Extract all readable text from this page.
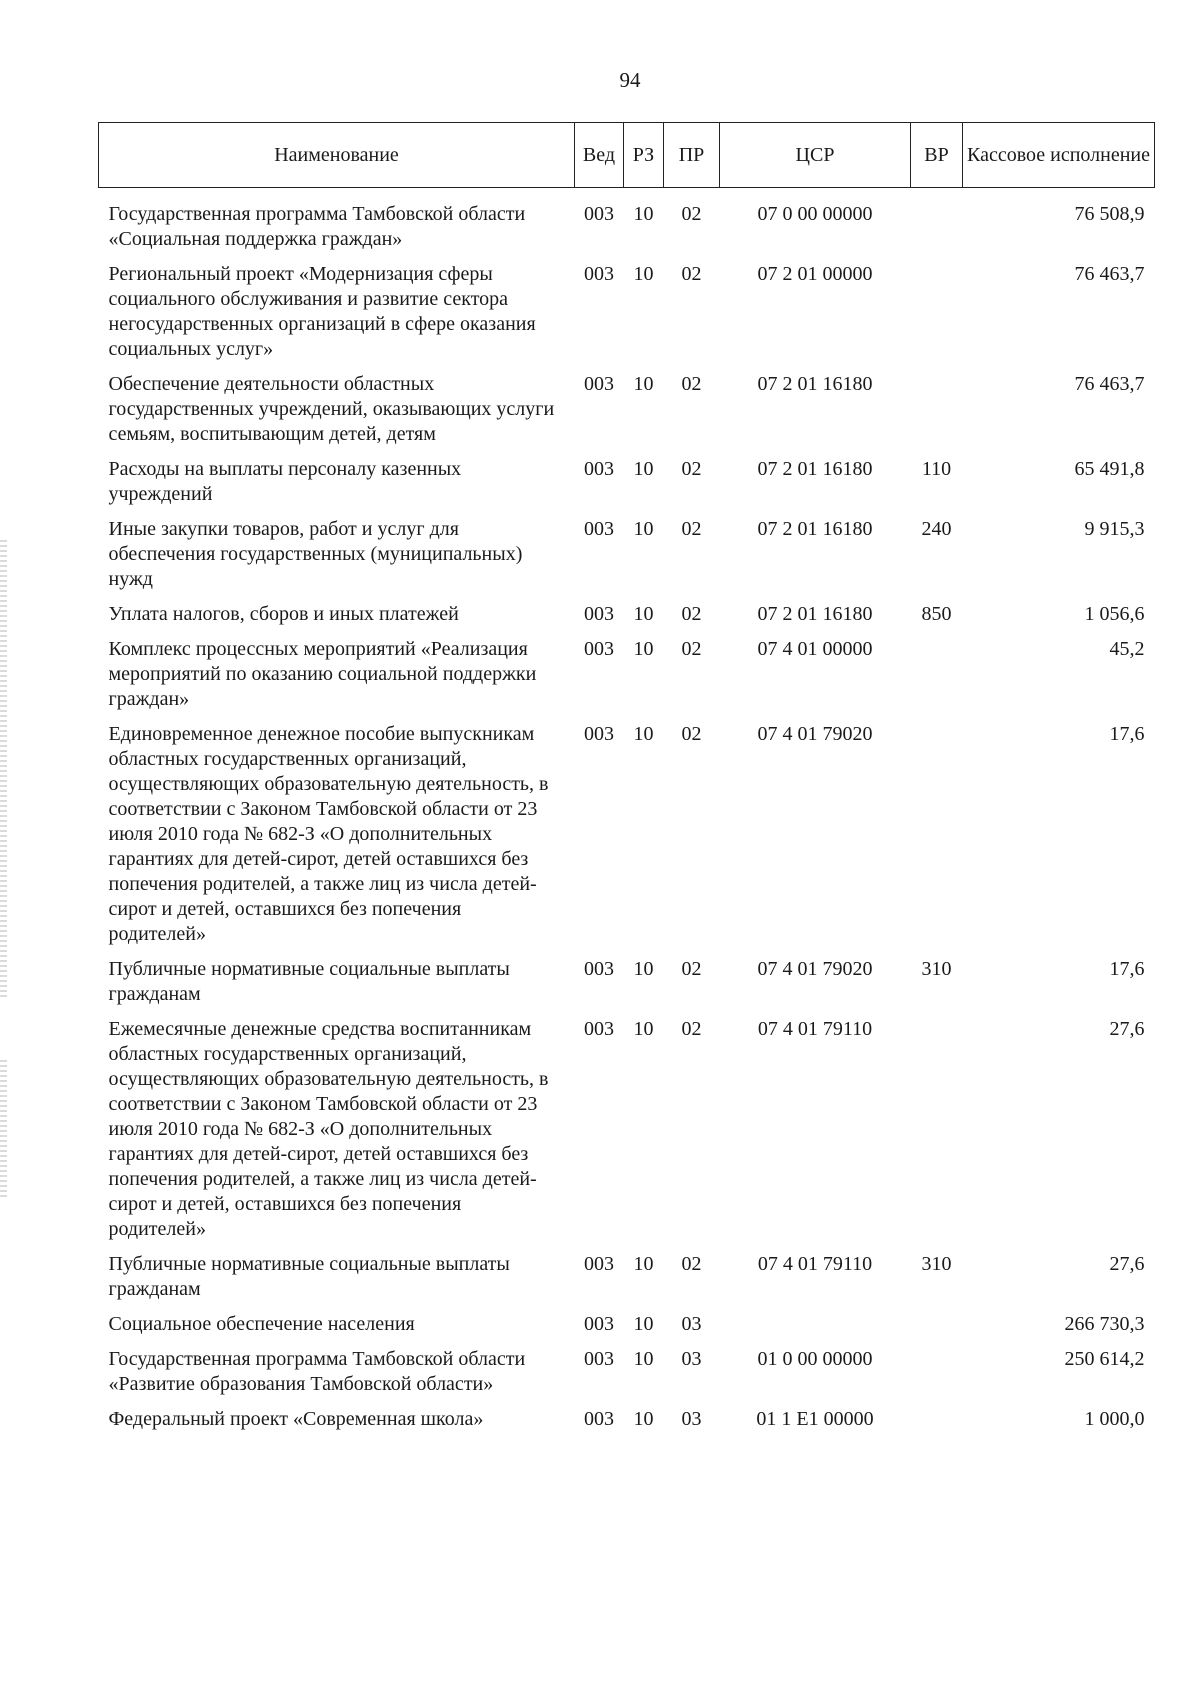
94
Наименование	Вед	РЗ	ПР	ЦСР	ВР	Кассовое исполнение
Государственная программа Тамбовской области «Социальная поддержка граждан»	003	10	02	07 0 00 00000		76 508,9
Региональный проект «Модернизация сферы социального обслуживания и развитие сектора негосударственных организаций в сфере оказания социальных услуг»	003	10	02	07 2 01 00000		76 463,7
Обеспечение деятельности областных государственных учреждений, оказывающих услуги семьям, воспитывающим детей, детям	003	10	02	07 2 01 16180		76 463,7
Расходы на выплаты персоналу казенных учреждений	003	10	02	07 2 01 16180	110	65 491,8
Иные закупки товаров, работ и услуг для обеспечения государственных (муниципальных) нужд	003	10	02	07 2 01 16180	240	9 915,3
Уплата налогов, сборов и иных платежей	003	10	02	07 2 01 16180	850	1 056,6
Комплекс процессных мероприятий «Реализация мероприятий по оказанию социальной поддержки граждан»	003	10	02	07 4 01 00000		45,2
Единовременное денежное пособие выпускникам областных государственных организаций, осуществляющих образовательную деятельность, в соответствии с Законом Тамбовской области от 23 июля 2010 года № 682-З «О дополнительных гарантиях для детей-сирот, детей оставшихся без попечения родителей, а также лиц из числа детей-сирот и детей, оставшихся без попечения родителей»	003	10	02	07 4 01 79020		17,6
Публичные нормативные социальные выплаты гражданам	003	10	02	07 4 01 79020	310	17,6
Ежемесячные денежные средства воспитанникам областных государственных организаций, осуществляющих образовательную деятельность, в соответствии с Законом Тамбовской области от 23 июля 2010 года № 682-З «О дополнительных гарантиях для детей-сирот, детей оставшихся без попечения родителей, а также лиц из числа детей-сирот и детей, оставшихся без попечения родителей»	003	10	02	07 4 01 79110		27,6
Публичные нормативные социальные выплаты гражданам	003	10	02	07 4 01 79110	310	27,6
Социальное обеспечение населения	003	10	03			266 730,3
Государственная программа Тамбовской области «Развитие образования Тамбовской области»	003	10	03	01 0 00 00000		250 614,2
Федеральный проект «Современная школа»	003	10	03	01 1 E1 00000		1 000,0
